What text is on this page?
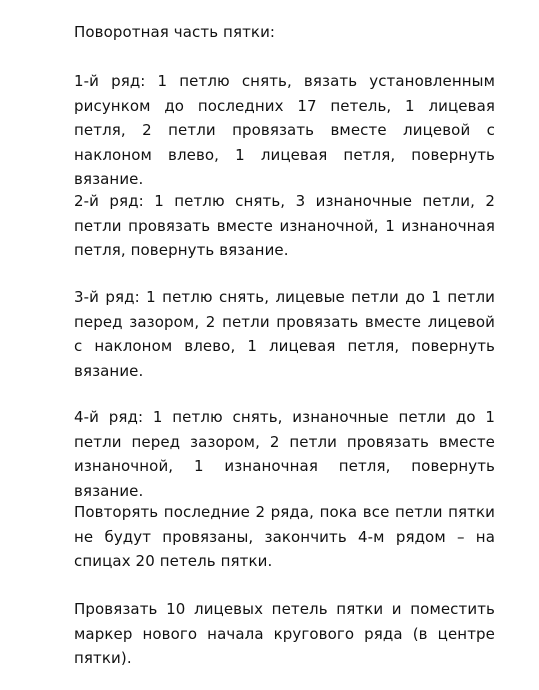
Поворотная часть пятки:
1-й ряд: 1 петлю снять, вязать установленным рисунком до последних 17 петель, 1 лицевая петля, 2 петли провязать вместе лицевой с наклоном влево, 1 лицевая петля, повернуть вязание.
2-й ряд: 1 петлю снять, 3 изнаночные петли, 2 петли провязать вместе изнаночной, 1 изнаночная петля, повернуть вязание.
3-й ряд: 1 петлю снять, лицевые петли до 1 петли перед зазором, 2 петли провязать вместе лицевой с наклоном влево, 1 лицевая петля, повернуть вязание.
4-й ряд: 1 петлю снять, изнаночные петли до 1 петли перед зазором, 2 петли провязать вместе изнаночной, 1 изнаночная петля, повернуть вязание.
Повторять последние 2 ряда, пока все петли пятки не будут провязаны, закончить 4-м рядом – на спицах 20 петель пятки.
Провязать 10 лицевых петель пятки и поместить маркер нового начала кругового ряда (в центре пятки).
